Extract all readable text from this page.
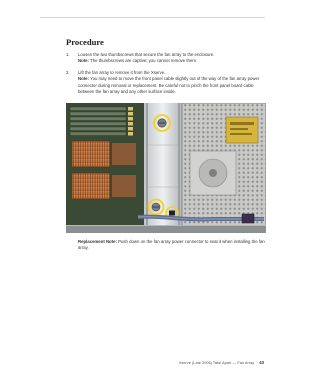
Procedure
1. Loosen the two thumbscrews that secure the fan array to the enclosure.
Note: The thumbscrews are captive; you cannot remove them.
2. Lift the fan array to remove it from the Xserve.
Note: You may need to move the front panel cable slightly out of the way of the fan array power connector during removal or replacement. Be careful not to pinch the front panel board cable between the fan array and any other surface inside.
Replacement Note: Push down on the fan array power connector to seat it when installing the fan array.
Xserve (Late 2006) Take Apart — Fan Array 43
